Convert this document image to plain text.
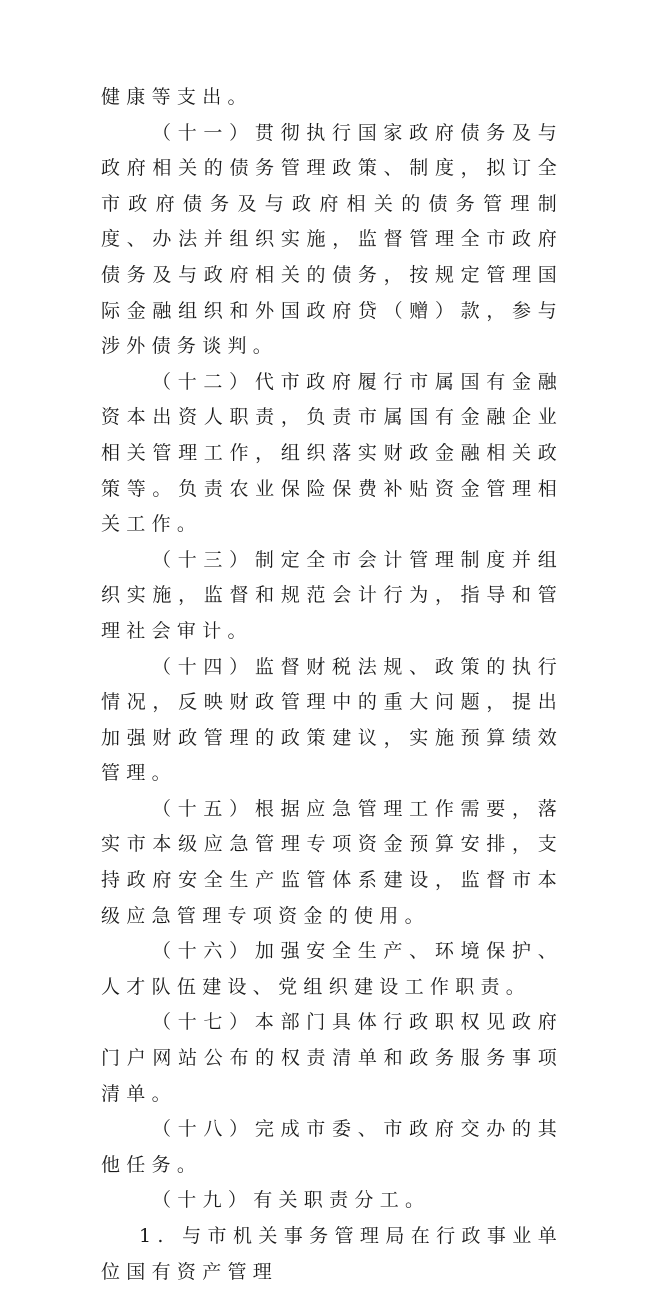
健康等支出。

（十一）贯彻执行国家政府债务及与政府相关的债务管理政策、制度，拟订全市政府债务及与政府相关的债务管理制度、办法并组织实施，监督管理全市政府债务及与政府相关的债务，按规定管理国际金融组织和外国政府贷（赠）款，参与涉外债务谈判。

（十二）代市政府履行市属国有金融资本出资人职责，负责市属国有金融企业相关管理工作，组织落实财政金融相关政策等。负责农业保险保费补贴资金管理相关工作。

（十三）制定全市会计管理制度并组织实施，监督和规范会计行为，指导和管理社会审计。

（十四）监督财税法规、政策的执行情况，反映财政管理中的重大问题，提出加强财政管理的政策建议，实施预算绩效管理。

（十五）根据应急管理工作需要，落实市本级应急管理专项资金预算安排，支持政府安全生产监管体系建设，监督市本级应急管理专项资金的使用。

（十六）加强安全生产、环境保护、人才队伍建设、党组织建设工作职责。

（十七）本部门具体行政职权见政府门户网站公布的权责清单和政务服务事项清单。

（十八）完成市委、市政府交办的其他任务。

（十九）有关职责分工。

1. 与市机关事务管理局在行政事业单位国有资产管理
